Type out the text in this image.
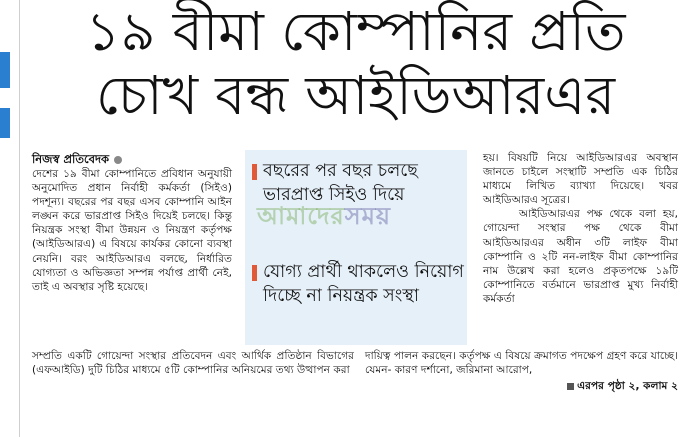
১৯ বীমা কোম্পানির প্রতি
চোখ বন্ধ আইডিআরএর
নিজস্ব প্রতিবেদক

দেশের ১৯ বীমা কোম্পানিতে প্রবিধান অনুযায়ী অনুমোদিত প্রধান নির্বাহী কর্মকর্তা (সিইও) পদশূন্য। বছরের পর বছর এসব কোম্পানি আইন লঙ্ঘন করে ভারপ্রাপ্ত সিইও দিয়েই চলছে। কিন্তু নিয়ন্ত্রক সংস্থা বীমা উন্নয়ন ও নিয়ন্ত্রণ কর্তৃপক্ষ (আইডিআরএ) এ বিষয়ে কার্যকর কোনো ব্যবস্থা নেয়নি। বরং আইডিআরএ বলছে, নির্ধারিত যোগ্যতা ও অভিজ্ঞতা সম্পন্ন পর্যাপ্ত প্রার্থী নেই, তাই এ অবস্থার সৃষ্টি হয়েছে।

বছরের পর বছর চলছে ভারপ্রাপ্ত সিইও দিয়ে
যোগ্য প্রার্থী থাকলেও নিয়োগ দিচ্ছে না নিয়ন্ত্রক সংস্থা
আমাদেরসময়

হয়। বিষয়টি নিয়ে আইডিআরএর অবস্থান জানতে চাইলে সংস্থাটি সম্প্রতি এক চিঠির মাধ্যমে লিখিত ব্যাখ্যা দিয়েছে। খবর আইডিআরএ সূত্রের।

আইডিআরএর পক্ষ থেকে বলা হয়, গোয়েন্দা সংস্থার পক্ষ থেকে বীমা আইডিআরএর অধীন ৩টি লাইফ বীমা কোম্পানি ও ২টি নন-লাইফ বীমা কোম্পানির নাম উল্লেখ করা হলেও প্রকৃতপক্ষে ১৯টি কোম্পানিতে বর্তমানে ভারপ্রাপ্ত মুখ্য নির্বাহী কর্মকর্তা

সম্প্রতি একটি গোয়েন্দা সংস্থার প্রতিবেদন এবং আর্থিক প্রতিষ্ঠান বিভাগের (এফআইডি) দুটি চিঠির মাধ্যমে ৫টি কোম্পানির অনিয়মের তথ্য উত্থাপন করা
দায়িত্ব পালন করছেন। কর্তৃপক্ষ এ বিষয়ে ক্রমাগত পদক্ষেপ গ্রহণ করে যাচ্ছে। যেমন- কারণ দর্শানো, জরিমানা আরোপ,
এরপর পৃষ্ঠা ২, কলাম ২
